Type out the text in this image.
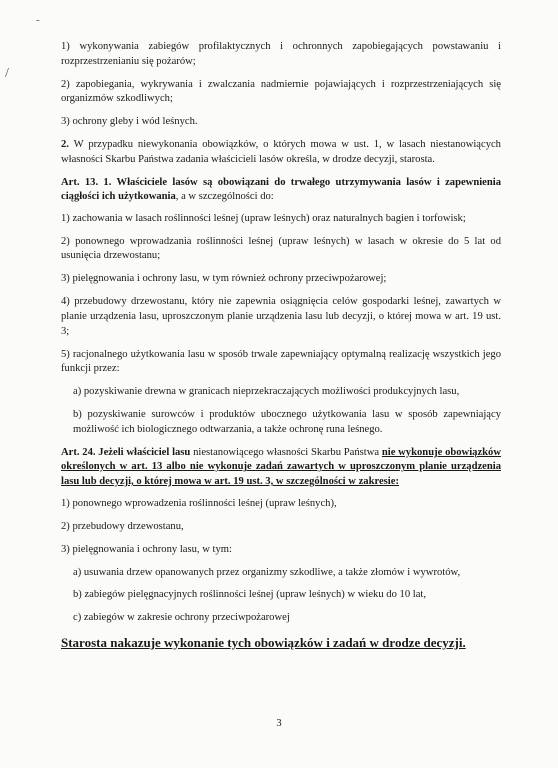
-
/

1) wykonywania zabiegów profilaktycznych i ochronnych zapobiegających powstawaniu i rozprzestrzenianiu się pożarów;

2) zapobiegania, wykrywania i zwalczania nadmiernie pojawiających i rozprzestrzeniających się organizmów szkodliwych;

3) ochrony gleby i wód leśnych.

2. W przypadku niewykonania obowiązków, o których mowa w ust. 1, w lasach niestanowiących własności Skarbu Państwa zadania właścicieli lasów określa, w drodze decyzji, starosta.

Art. 13. 1. Właściciele lasów są obowiązani do trwałego utrzymywania lasów i zapewnienia ciągłości ich użytkowania, a w szczególności do:

1) zachowania w lasach roślinności leśnej (upraw leśnych) oraz naturalnych bagien i torfowisk;

2) ponownego wprowadzania roślinności leśnej (upraw leśnych) w lasach w okresie do 5 lat od usunięcia drzewostanu;

3) pielęgnowania i ochrony lasu, w tym również ochrony przeciwpożarowej;

4) przebudowy drzewostanu, który nie zapewnia osiągnięcia celów gospodarki leśnej, zawartych w planie urządzenia lasu, uproszczonym planie urządzenia lasu lub decyzji, o której mowa w art. 19 ust. 3;

5) racjonalnego użytkowania lasu w sposób trwale zapewniający optymalną realizację wszystkich jego funkcji przez:

a) pozyskiwanie drewna w granicach nieprzekraczających możliwości produkcyjnych lasu,

b) pozyskiwanie surowców i produktów ubocznego użytkowania lasu w sposób zapewniający możliwość ich biologicznego odtwarzania, a także ochronę runa leśnego.

Art. 24. Jeżeli właściciel lasu niestanowiącego własności Skarbu Państwa nie wykonuje obowiązków określonych w art. 13 albo nie wykonuje zadań zawartych w uproszczonym planie urządzenia lasu lub decyzji, o której mowa w art. 19 ust. 3, w szczególności w zakresie:

1) ponownego wprowadzenia roślinności leśnej (upraw leśnych),

2) przebudowy drzewostanu,

3) pielęgnowania i ochrony lasu, w tym:

a) usuwania drzew opanowanych przez organizmy szkodliwe, a także złomów i wywrotów,

b) zabiegów pielęgnacyjnych roślinności leśnej (upraw leśnych) w wieku do 10 lat,

c) zabiegów w zakresie ochrony przeciwpożarowej

Starosta nakazuje wykonanie tych obowiązków i zadań w drodze decyzji.

3
